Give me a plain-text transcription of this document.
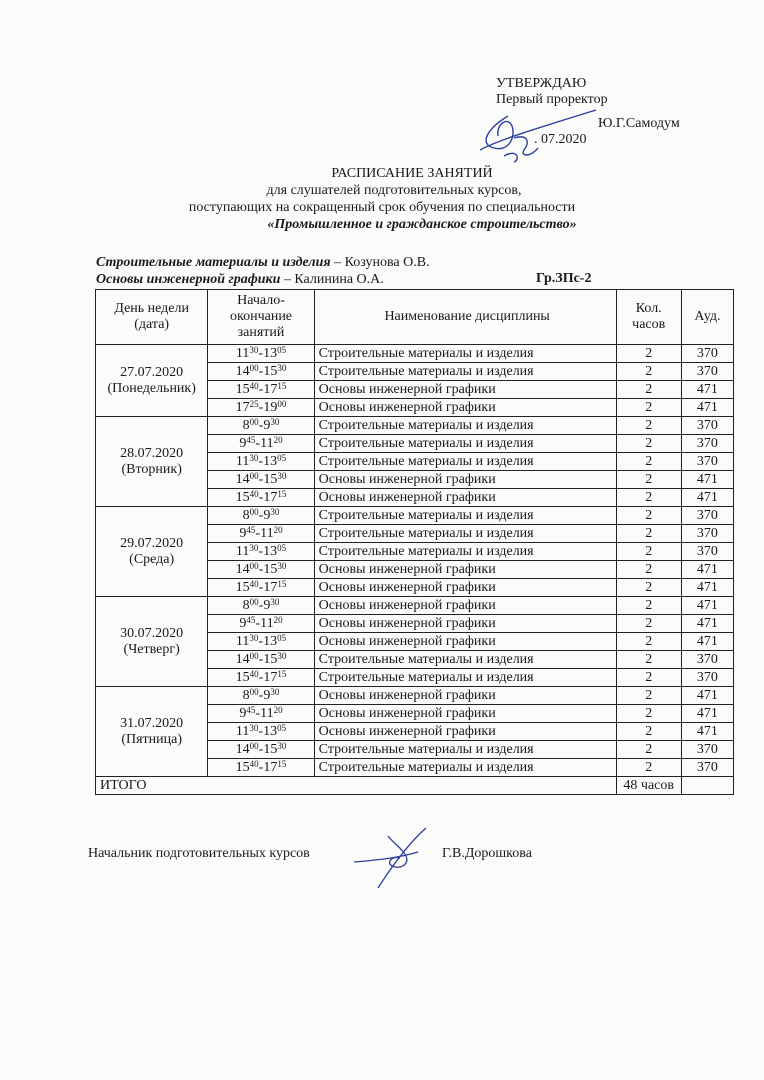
УТВЕРЖДАЮ
Первый проректор
Ю.Г.Самодум
. 07.2020
РАСПИСАНИЕ ЗАНЯТИЙ
для слушателей подготовительных курсов,
поступающих на сокращенный срок обучения по специальности
«Промышленное и гражданское строительство»
Строительные материалы и изделия – Козунова О.В.
Основы инженерной графики – Калинина О.А.	Гр.ЗПс-2
День недели
(дата)	Начало-
окончание
занятий	Наименование дисциплины	Кол.
часов	Ауд.

27.07.2020
(Понедельник)	$11^{30}-13^{05}$	Строительные материалы и изделия	2	370
	$14^{00}-15^{30}$	Строительные материалы и изделия	2	370
	$15^{40}-17^{15}$	Основы инженерной графики	2	471
	$17^{25}-19^{00}$	Основы инженерной графики	2	471

28.07.2020
(Вторник)	$8^{00}-9^{30}$	Строительные материалы и изделия	2	370
	$9^{45}-11^{20}$	Строительные материалы и изделия	2	370
	$11^{30}-13^{05}$	Строительные материалы и изделия	2	370
	$14^{00}-15^{30}$	Основы инженерной графики	2	471
	$15^{40}-17^{15}$	Основы инженерной графики	2	471

29.07.2020
(Среда)	$8^{00}-9^{30}$	Строительные материалы и изделия	2	370
	$9^{45}-11^{20}$	Строительные материалы и изделия	2	370
	$11^{30}-13^{05}$	Строительные материалы и изделия	2	370
	$14^{00}-15^{30}$	Основы инженерной графики	2	471
	$15^{40}-17^{15}$	Основы инженерной графики	2	471

30.07.2020
(Четверг)	$8^{00}-9^{30}$	Основы инженерной графики	2	471
	$9^{45}-11^{20}$	Основы инженерной графики	2	471
	$11^{30}-13^{05}$	Основы инженерной графики	2	471
	$14^{00}-15^{30}$	Строительные материалы и изделия	2	370
	$15^{40}-17^{15}$	Строительные материалы и изделия	2	370

31.07.2020
(Пятница)	$8^{00}-9^{30}$	Основы инженерной графики	2	471
	$9^{45}-11^{20}$	Основы инженерной графики	2	471
	$11^{30}-13^{05}$	Основы инженерной графики	2	471
	$14^{00}-15^{30}$	Строительные материалы и изделия	2	370
	$15^{40}-17^{15}$	Строительные материалы и изделия	2	370
ИТОГО			48 часов	
Начальник подготовительных курсов	Г.В.Дорошкова
